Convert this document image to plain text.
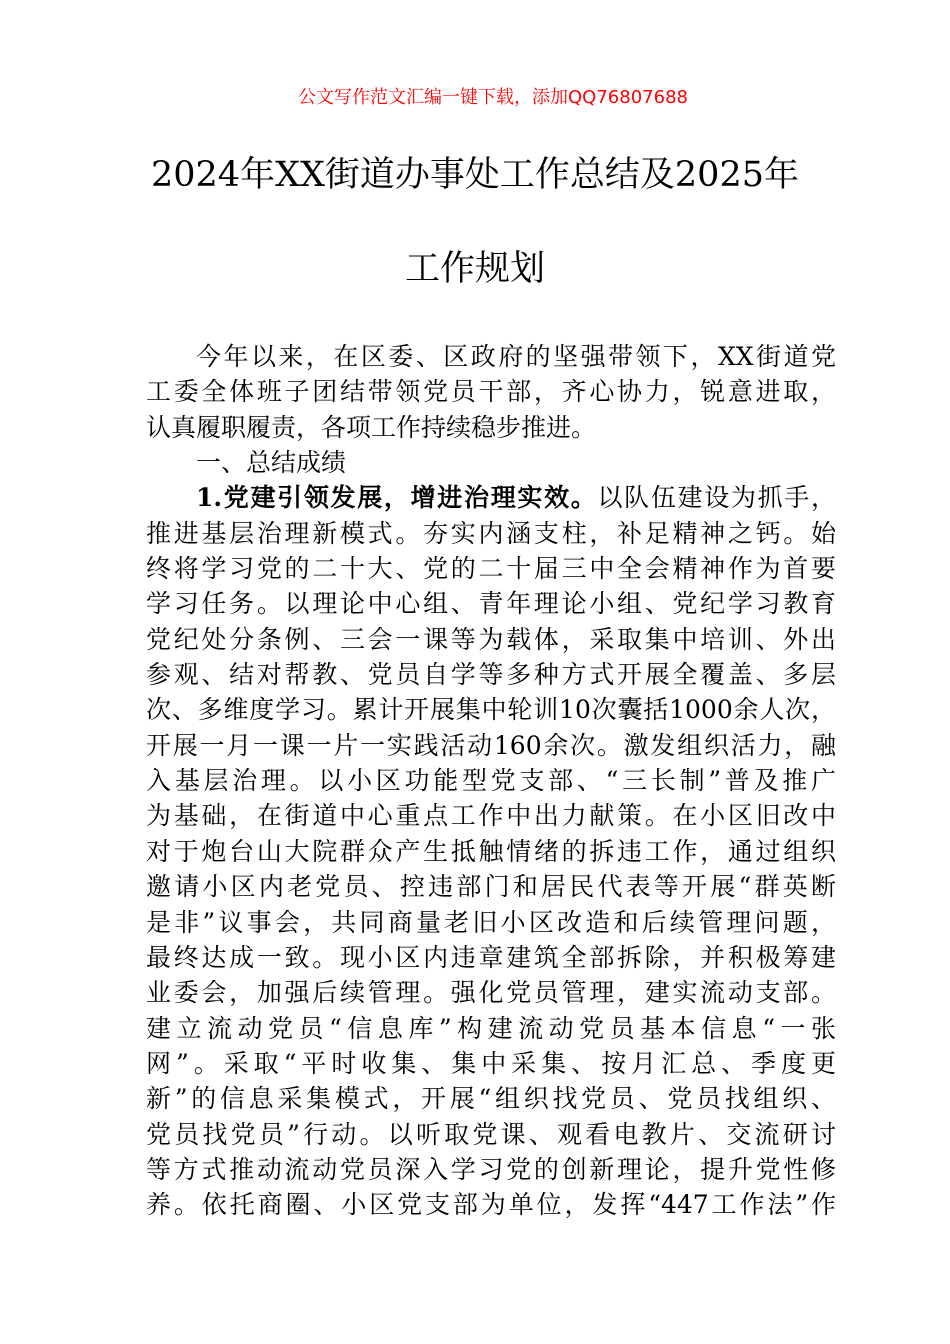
公文写作范文汇编一键下载，添加QQ76807688
2024年XX街道办事处工作总结及2025年
工作规划
今年以来，在区委、区政府的坚强带领下，XX街道党
工委全体班子团结带领党员干部，齐心协力，锐意进取，
认真履职履责，各项工作持续稳步推进。
一、总结成绩
1.党建引领发展，增进治理实效。以队伍建设为抓手，
推进基层治理新模式。夯实内涵支柱，补足精神之钙。始
终将学习党的二十大、党的二十届三中全会精神作为首要
学习任务。以理论中心组、青年理论小组、党纪学习教育
党纪处分条例、三会一课等为载体，采取集中培训、外出
参观、结对帮教、党员自学等多种方式开展全覆盖、多层
次、多维度学习。累计开展集中轮训10次囊括1000余人次，
开展一月一课一片一实践活动160余次。激发组织活力，融
入基层治理。以小区功能型党支部、“三长制”普及推广
为基础，在街道中心重点工作中出力献策。在小区旧改中
对于炮台山大院群众产生抵触情绪的拆违工作，通过组织
邀请小区内老党员、控违部门和居民代表等开展“群英断
是非”议事会，共同商量老旧小区改造和后续管理问题，
最终达成一致。现小区内违章建筑全部拆除，并积极筹建
业委会，加强后续管理。强化党员管理，建实流动支部。
建立流动党员“信息库”构建流动党员基本信息“一张
网”。采取“平时收集、集中采集、按月汇总、季度更
新”的信息采集模式，开展“组织找党员、党员找组织、
党员找党员”行动。以听取党课、观看电教片、交流研讨
等方式推动流动党员深入学习党的创新理论，提升党性修
养。依托商圈、小区党支部为单位，发挥“447工作法”作
